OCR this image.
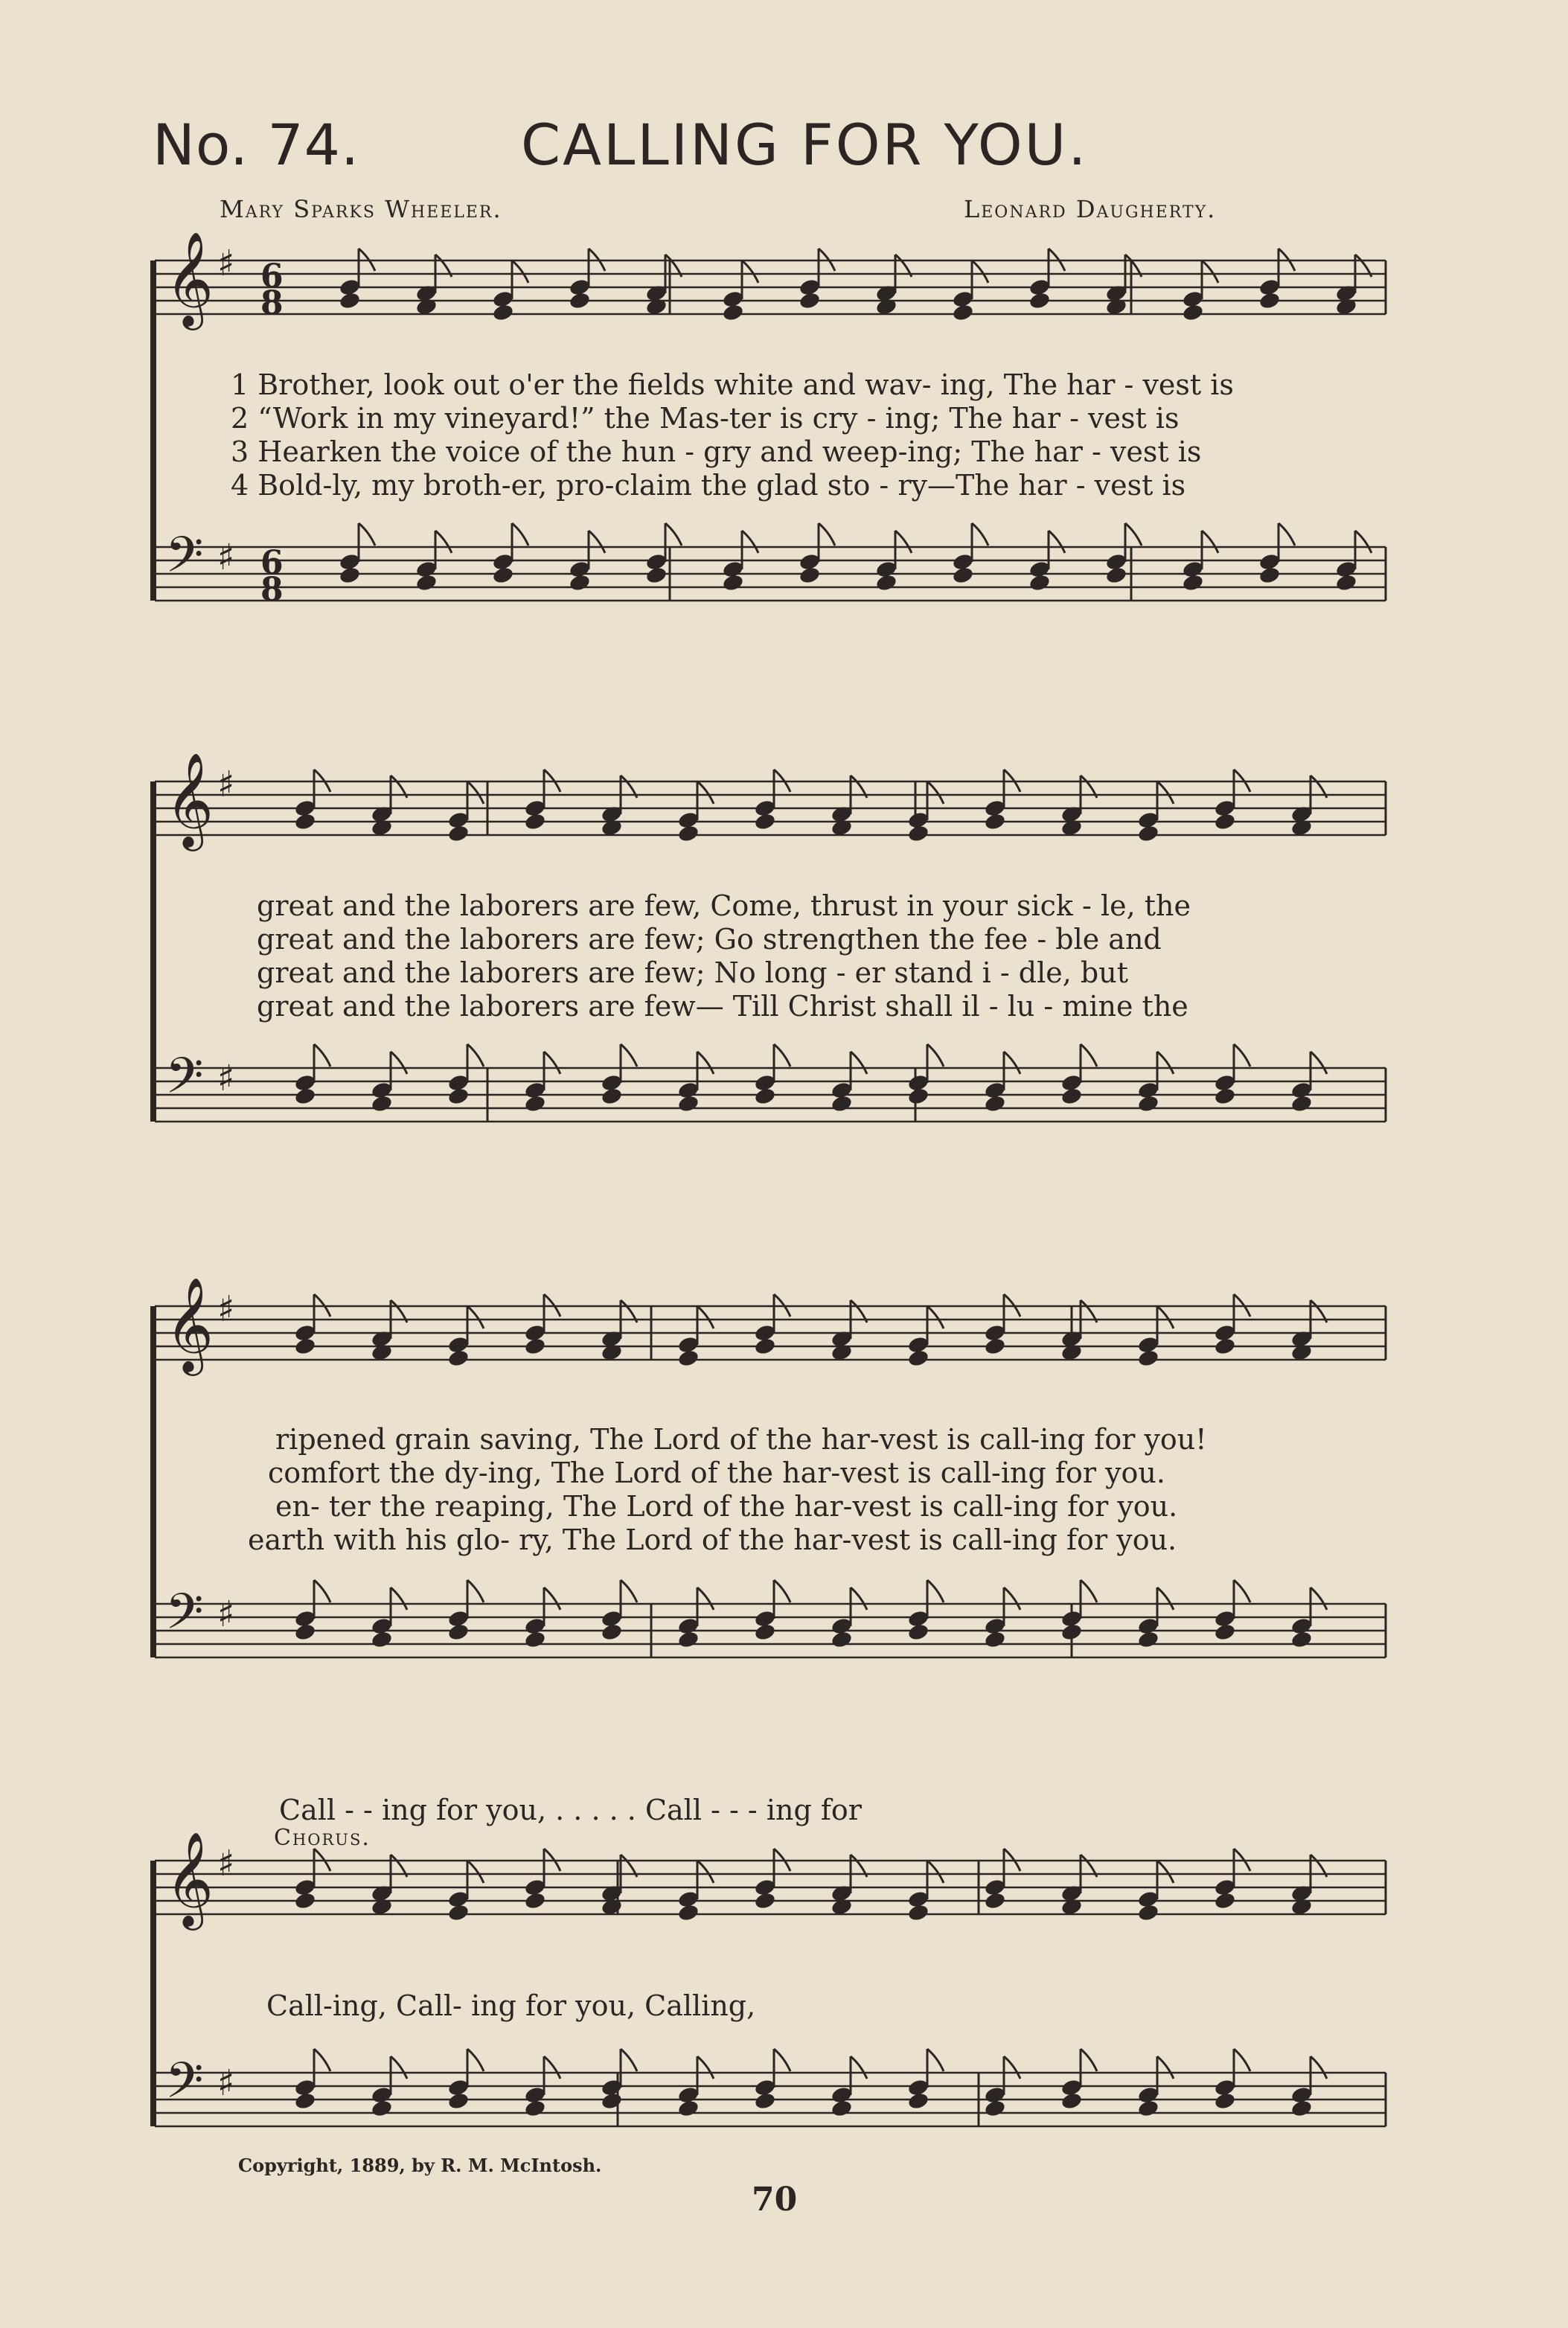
No. 74.	CALLING FOR YOU.
Mary Sparks Wheeler.	Leonard Daugherty.
𝄞
𝄢
♯
♯
6
8
6
8
𝄞
𝄢
♯
♯
𝄞
𝄢
♯
♯
𝄞
𝄢
♯
♯
1 Brother, look out o'er the fields white and wav- ing, The har - vest is
2 “Work in my vineyard!” the Mas-ter is cry - ing; The har - vest is
3 Hearken the voice of the hun - gry and weep-ing; The har - vest is
4 Bold-ly, my broth-er, pro-claim the glad sto - ry—The har - vest is
great and the laborers are few, Come, thrust in your sick - le, the
great and the laborers are few; Go strengthen the fee - ble and
great and the laborers are few; No long - er stand i - dle, but
great and the laborers are few— Till Christ shall il - lu - mine the
ripened grain saving, The Lord of the har-vest is call-ing for you!
comfort the dy-ing, The Lord of the har-vest is call-ing for you.
en- ter the reaping, The Lord of the har-vest is call-ing for you.
earth with his glo- ry, The Lord of the har-vest is call-ing for you.
Call - - ing for you, . . . . . Call - - - ing for
Chorus.
Call-ing, Call- ing for you, Calling,
Copyright, 1889, by R. M. McIntosh.
70
